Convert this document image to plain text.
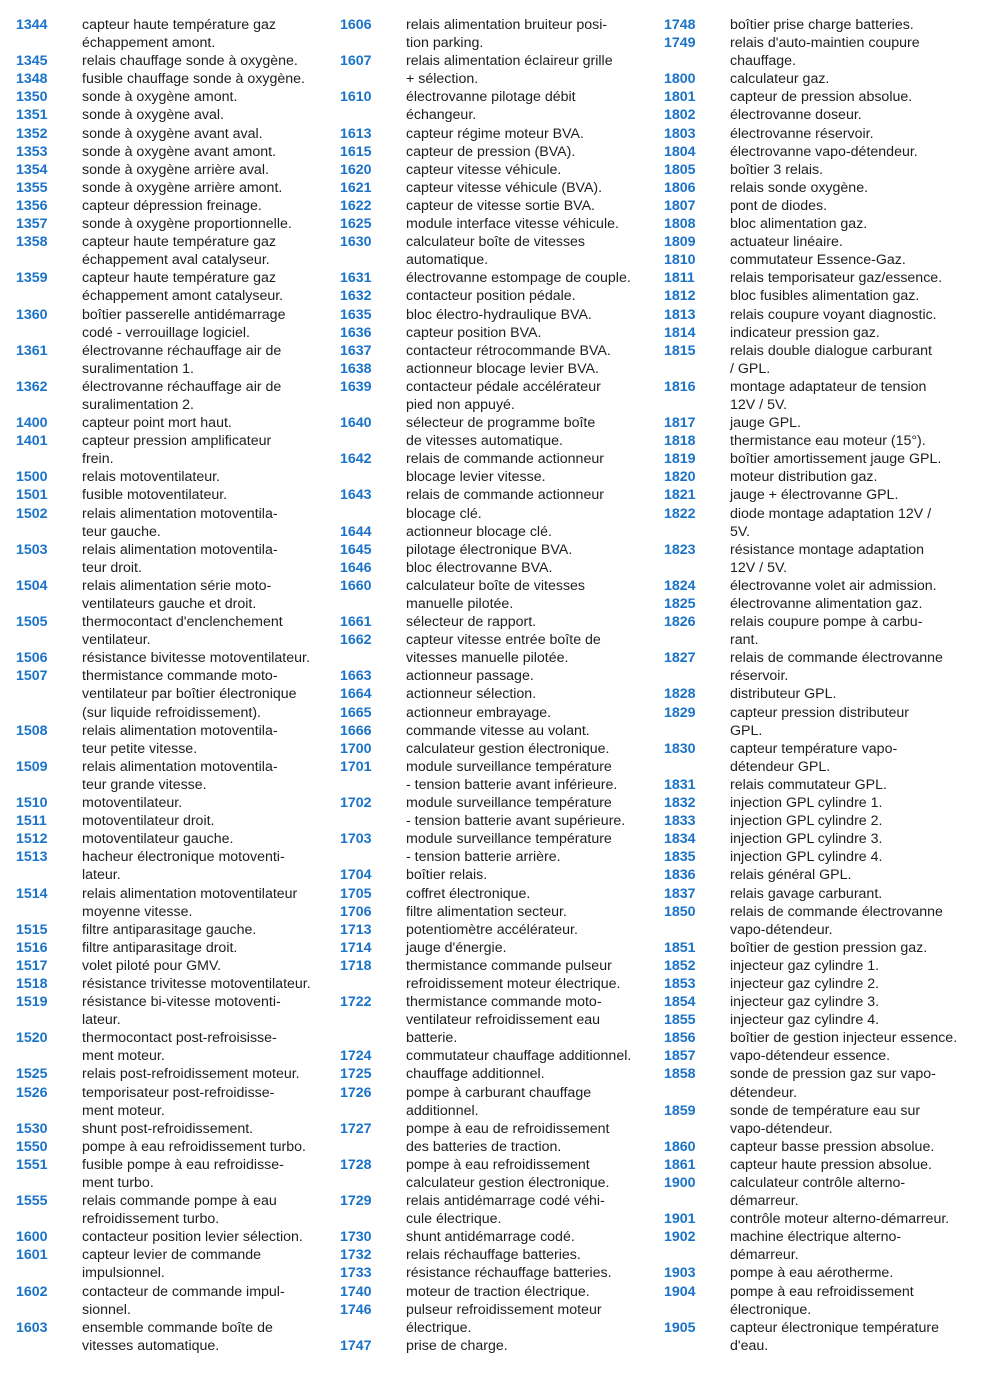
1344	capteur haute température gaz
échappement amont.
1345	relais chauffage sonde à oxygène.
1348	fusible chauffage sonde à oxygène.
1350	sonde à oxygène amont.
1351	sonde à oxygène aval.
1352	sonde à oxygène avant aval.
1353	sonde à oxygène avant amont.
1354	sonde à oxygène arrière aval.
1355	sonde à oxygène arrière amont.
1356	capteur dépression freinage.
1357	sonde à oxygène proportionnelle.
1358	capteur haute température gaz
échappement aval catalyseur.
1359	capteur haute température gaz
échappement amont catalyseur.
1360	boîtier passerelle antidémarrage
codé - verrouillage logiciel.
1361	électrovanne réchauffage air de
suralimentation 1.
1362	électrovanne réchauffage air de
suralimentation 2.
1400	capteur point mort haut.
1401	capteur pression amplificateur
frein.
1500	relais motoventilateur.
1501	fusible motoventilateur.
1502	relais alimentation motoventila-
teur gauche.
1503	relais alimentation motoventila-
teur droit.
1504	relais alimentation série moto-
ventilateurs gauche et droit.
1505	thermocontact d'enclenchement
ventilateur.
1506	résistance bivitesse motoventilateur.
1507	thermistance commande moto-
ventilateur par boîtier électronique
(sur liquide refroidissement).
1508	relais alimentation motoventila-
teur petite vitesse.
1509	relais alimentation motoventila-
teur grande vitesse.
1510	motoventilateur.
1511	motoventilateur droit.
1512	motoventilateur gauche.
1513	hacheur électronique motoventi-
lateur.
1514	relais alimentation motoventilateur
moyenne vitesse.
1515	filtre antiparasitage gauche.
1516	filtre antiparasitage droit.
1517	volet piloté pour GMV.
1518	résistance trivitesse motoventilateur.
1519	résistance bi-vitesse motoventi-
lateur.
1520	thermocontact post-refroisisse-
ment moteur.
1525	relais post-refroidissement moteur.
1526	temporisateur post-refroidisse-
ment moteur.
1530	shunt post-refroidissement.
1550	pompe à eau refroidissement turbo.
1551	fusible pompe à eau refroidisse-
ment turbo.
1555	relais commande pompe à eau
refroidissement turbo.
1600	contacteur position levier sélection.
1601	capteur levier de commande
impulsionnel.
1602	contacteur de commande impul-
sionnel.
1603	ensemble commande boîte de
vitesses automatique.
1606	relais alimentation bruiteur posi-
tion parking.
1607	relais alimentation éclaireur grille
+ sélection.
1610	électrovanne pilotage débit
échangeur.
1613	capteur régime moteur BVA.
1615	capteur de pression (BVA).
1620	capteur vitesse véhicule.
1621	capteur vitesse véhicule (BVA).
1622	capteur de vitesse sortie BVA.
1625	module interface vitesse véhicule.
1630	calculateur boîte de vitesses
automatique.
1631	électrovanne estompage de couple.
1632	contacteur position pédale.
1635	bloc électro-hydraulique BVA.
1636	capteur position BVA.
1637	contacteur rétrocommande BVA.
1638	actionneur blocage levier BVA.
1639	contacteur pédale accélérateur
pied non appuyé.
1640	sélecteur de programme boîte
de vitesses automatique.
1642	relais de commande actionneur
blocage levier vitesse.
1643	relais de commande actionneur
blocage clé.
1644	actionneur blocage clé.
1645	pilotage électronique BVA.
1646	bloc électrovanne BVA.
1660	calculateur boîte de vitesses
manuelle pilotée.
1661	sélecteur de rapport.
1662	capteur vitesse entrée boîte de
vitesses manuelle pilotée.
1663	actionneur passage.
1664	actionneur sélection.
1665	actionneur embrayage.
1666	commande vitesse au volant.
1700	calculateur gestion électronique.
1701	module surveillance température
- tension batterie avant inférieure.
1702	module surveillance température
- tension batterie avant supérieure.
1703	module surveillance température
- tension batterie arrière.
1704	boîtier relais.
1705	coffret électronique.
1706	filtre alimentation secteur.
1713	potentiomètre accélérateur.
1714	jauge d'énergie.
1718	thermistance commande pulseur
refroidissement moteur électrique.
1722	thermistance commande moto-
ventilateur refroidissement eau
batterie.
1724	commutateur chauffage additionnel.
1725	chauffage additionnel.
1726	pompe à carburant chauffage
additionnel.
1727	pompe à eau de refroidissement
des batteries de traction.
1728	pompe à eau refroidissement
calculateur gestion électronique.
1729	relais antidémarrage codé véhi-
cule électrique.
1730	shunt antidémarrage codé.
1732	relais réchauffage batteries.
1733	résistance réchauffage batteries.
1740	moteur de traction électrique.
1746	pulseur refroidissement moteur
électrique.
1747	prise de charge.
1748	boîtier prise charge batteries.
1749	relais d'auto-maintien coupure
chauffage.
1800	calculateur gaz.
1801	capteur de pression absolue.
1802	électrovanne doseur.
1803	électrovanne réservoir.
1804	électrovanne vapo-détendeur.
1805	boîtier 3 relais.
1806	relais sonde oxygène.
1807	pont de diodes.
1808	bloc alimentation gaz.
1809	actuateur linéaire.
1810	commutateur Essence-Gaz.
1811	relais temporisateur gaz/essence.
1812	bloc fusibles alimentation gaz.
1813	relais coupure voyant diagnostic.
1814	indicateur pression gaz.
1815	relais double dialogue carburant
/ GPL.
1816	montage adaptateur de tension
12V / 5V.
1817	jauge GPL.
1818	thermistance eau moteur (15°).
1819	boîtier amortissement jauge GPL.
1820	moteur distribution gaz.
1821	jauge + électrovanne GPL.
1822	diode montage adaptation 12V /
5V.
1823	résistance montage adaptation
12V / 5V.
1824	électrovanne volet air admission.
1825	électrovanne alimentation gaz.
1826	relais coupure pompe à carbu-
rant.
1827	relais de commande électrovanne
réservoir.
1828	distributeur GPL.
1829	capteur pression distributeur
GPL.
1830	capteur température vapo-
détendeur GPL.
1831	relais commutateur GPL.
1832	injection GPL cylindre 1.
1833	injection GPL cylindre 2.
1834	injection GPL cylindre 3.
1835	injection GPL cylindre 4.
1836	relais général GPL.
1837	relais gavage carburant.
1850	relais de commande électrovanne
vapo-détendeur.
1851	boîtier de gestion pression gaz.
1852	injecteur gaz cylindre 1.
1853	injecteur gaz cylindre 2.
1854	injecteur gaz cylindre 3.
1855	injecteur gaz cylindre 4.
1856	boîtier de gestion injecteur essence.
1857	vapo-détendeur essence.
1858	sonde de pression gaz sur vapo-
détendeur.
1859	sonde de température eau sur
vapo-détendeur.
1860	capteur basse pression absolue.
1861	capteur haute pression absolue.
1900	calculateur contrôle alterno-
démarreur.
1901	contrôle moteur alterno-démarreur.
1902	machine électrique alterno-
démarreur.
1903	pompe à eau aérotherme.
1904	pompe à eau refroidissement
électronique.
1905	capteur électronique température
d'eau.
